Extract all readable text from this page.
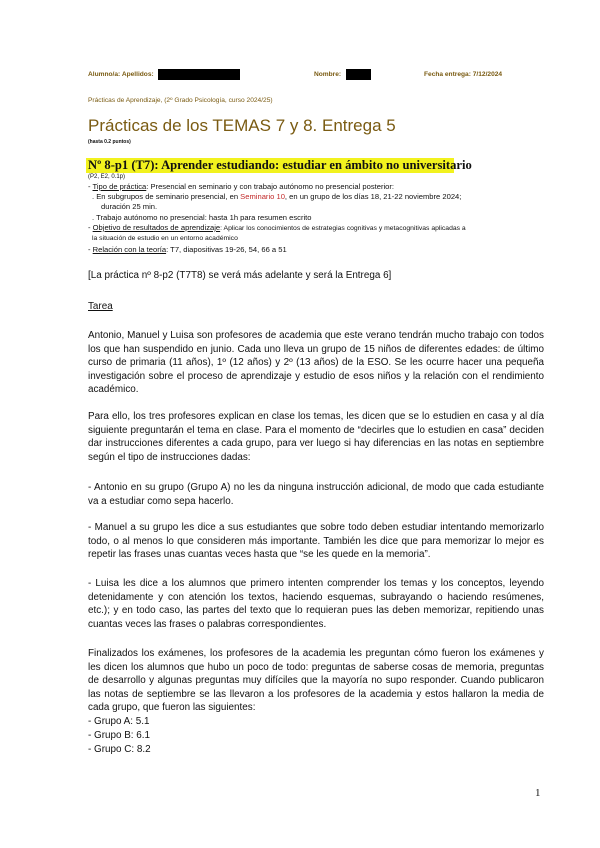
Alumno/a: Apellidos:	Nombre:	Fecha entrega: 7/12/2024
Prácticas de Aprendizaje, (2º Grado Psicología, curso 2024/25)
Prácticas de los TEMAS 7 y 8. Entrega 5
(hasta 0.2 puntos)
Nº 8-p1 (T7): Aprender estudiando: estudiar en ámbito no universitario
(P2, E2, 0.1p)
- Tipo de práctica: Presencial en seminario y con trabajo autónomo no presencial posterior:
. En subgrupos de seminario presencial, en Seminario 10, en un grupo de los días 18, 21-22 noviembre 2024;
duración 25 min.
. Trabajo autónomo no presencial: hasta 1h para resumen escrito
- Objetivo de resultados de aprendizaje: Aplicar los conocimientos de estrategias cognitivas y metacognitivas aplicadas a
la situación de estudio en un entorno académico
- Relación con la teoría: T7, diapositivas 19-26, 54, 66 a 51
[La práctica nº 8-p2 (T7T8) se verá más adelante y será la Entrega 6]
Tarea

Antonio, Manuel y Luisa son profesores de academia que este verano tendrán mucho trabajo con todos los que han suspendido en junio. Cada uno lleva un grupo de 15 niños de diferentes edades: de último curso de primaria (11 años), 1º (12 años) y 2º (13 años) de la ESO. Se les ocurre hacer una pequeña investigación sobre el proceso de aprendizaje y estudio de esos niños y la relación con el rendimiento académico.

Para ello, los tres profesores explican en clase los temas, les dicen que se lo estudien en casa y al día siguiente preguntarán el tema en clase. Para el momento de “decirles que lo estudien en casa” deciden dar instrucciones diferentes a cada grupo, para ver luego si hay diferencias en las notas en septiembre según el tipo de instrucciones dadas:

- Antonio en su grupo (Grupo A) no les da ninguna instrucción adicional, de modo que cada estudiante va a estudiar como sepa hacerlo.

- Manuel a su grupo les dice a sus estudiantes que sobre todo deben estudiar intentando memorizarlo todo, o al menos lo que consideren más importante. También les dice que para memorizar lo mejor es repetir las frases unas cuantas veces hasta que “se les quede en la memoria”.

- Luisa les dice a los alumnos que primero intenten comprender los temas y los conceptos, leyendo detenidamente y con atención los textos, haciendo esquemas, subrayando o haciendo resúmenes, etc.); y en todo caso, las partes del texto que lo requieran pues las deben memorizar, repitiendo unas cuantas veces las frases o palabras correspondientes.

Finalizados los exámenes, los profesores de la academia les preguntan cómo fueron los exámenes y les dicen los alumnos que hubo un poco de todo: preguntas de saberse cosas de memoria, preguntas de desarrollo y algunas preguntas muy difíciles que la mayoría no supo responder. Cuando publicaron las notas de septiembre se las llevaron a los profesores de la academia y estos hallaron la media de cada grupo, que fueron las siguientes:

- Grupo A: 5.1
- Grupo B: 6.1
- Grupo C: 8.2
1
